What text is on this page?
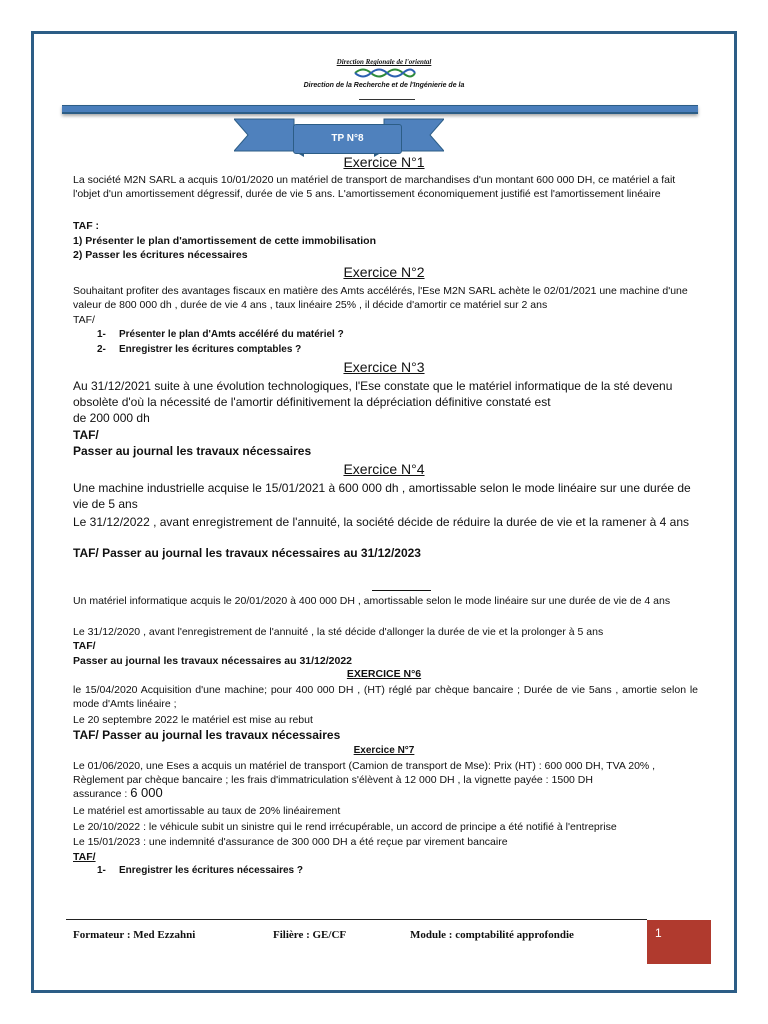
Direction Regionale de l'oriental
Direction de la Recherche et de l'Ingénierie de la
TP N°8
Exercice N°1
La société M2N SARL a acquis 10/01/2020 un matériel de transport de marchandises d'un montant 600 000 DH, ce matériel a fait l'objet d'un amortissement dégressif, durée de vie 5 ans. L'amortissement économiquement justifié est l'amortissement linéaire
TAF :
1) Présenter le plan d'amortissement de cette immobilisation
2) Passer les écritures nécessaires
Exercice N°2
Souhaitant profiter des avantages fiscaux en matière des Amts accélérés, l'Ese M2N SARL achète le 02/01/2021 une machine d'une valeur de 800 000 dh , durée de vie 4 ans , taux linéaire 25% , il décide d'amortir ce matériel sur 2 ans
TAF/
1-	Présenter le plan d'Amts accéléré du matériel ?
2-	Enregistrer les écritures comptables ?
Exercice N°3
Au 31/12/2021 suite à une évolution technologiques, l'Ese constate que le matériel informatique de la sté devenu obsolète d'où la nécessité de l'amortir définitivement la dépréciation définitive constaté est
de 200 000 dh
TAF/
Passer au journal les travaux nécessaires
Exercice N°4
Une machine industrielle acquise le 15/01/2021 à 600 000 dh , amortissable selon le mode linéaire sur une durée de vie de 5 ans
Le 31/12/2022 , avant enregistrement de l'annuité, la société décide de réduire la durée de vie et la ramener à 4 ans
TAF/ Passer au journal les travaux nécessaires au 31/12/2023
Un matériel informatique acquis le 20/01/2020 à 400 000 DH , amortissable selon le mode linéaire sur une durée de vie de 4 ans
Le 31/12/2020 , avant l'enregistrement de l'annuité , la sté décide d'allonger la durée de vie et la prolonger à 5 ans
TAF/
Passer au journal les travaux nécessaires au 31/12/2022
EXERCICE N°6
le 15/04/2020 Acquisition d'une machine; pour 400 000 DH , (HT) réglé par chèque bancaire ; Durée de vie 5ans , amortie selon le mode d'Amts linéaire ;
Le 20 septembre 2022 le matériel est mise au rebut
TAF/ Passer au journal les travaux nécessaires
Exercice N°7
Le 01/06/2020, une Eses a acquis un matériel de transport (Camion de transport de Mse): Prix (HT) : 600 000 DH, TVA 20% , Règlement par chèque bancaire ; les frais d'immatriculation s'élèvent à 12 000 DH , la vignette payée : 1500 DH
assurance : 6 000
Le matériel est amortissable au taux de 20% linéairement
Le 20/10/2022 : le véhicule subit un sinistre qui le rend irrécupérable, un accord de principe a été notifié à l'entreprise
Le 15/01/2023 : une indemnité d'assurance de 300 000 DH a été reçue par virement bancaire
TAF/
1-	Enregistrer les écritures nécessaires ?
Formateur : Med Ezzahni	Filière : GE/CF	Module : comptabilité approfondie	1
